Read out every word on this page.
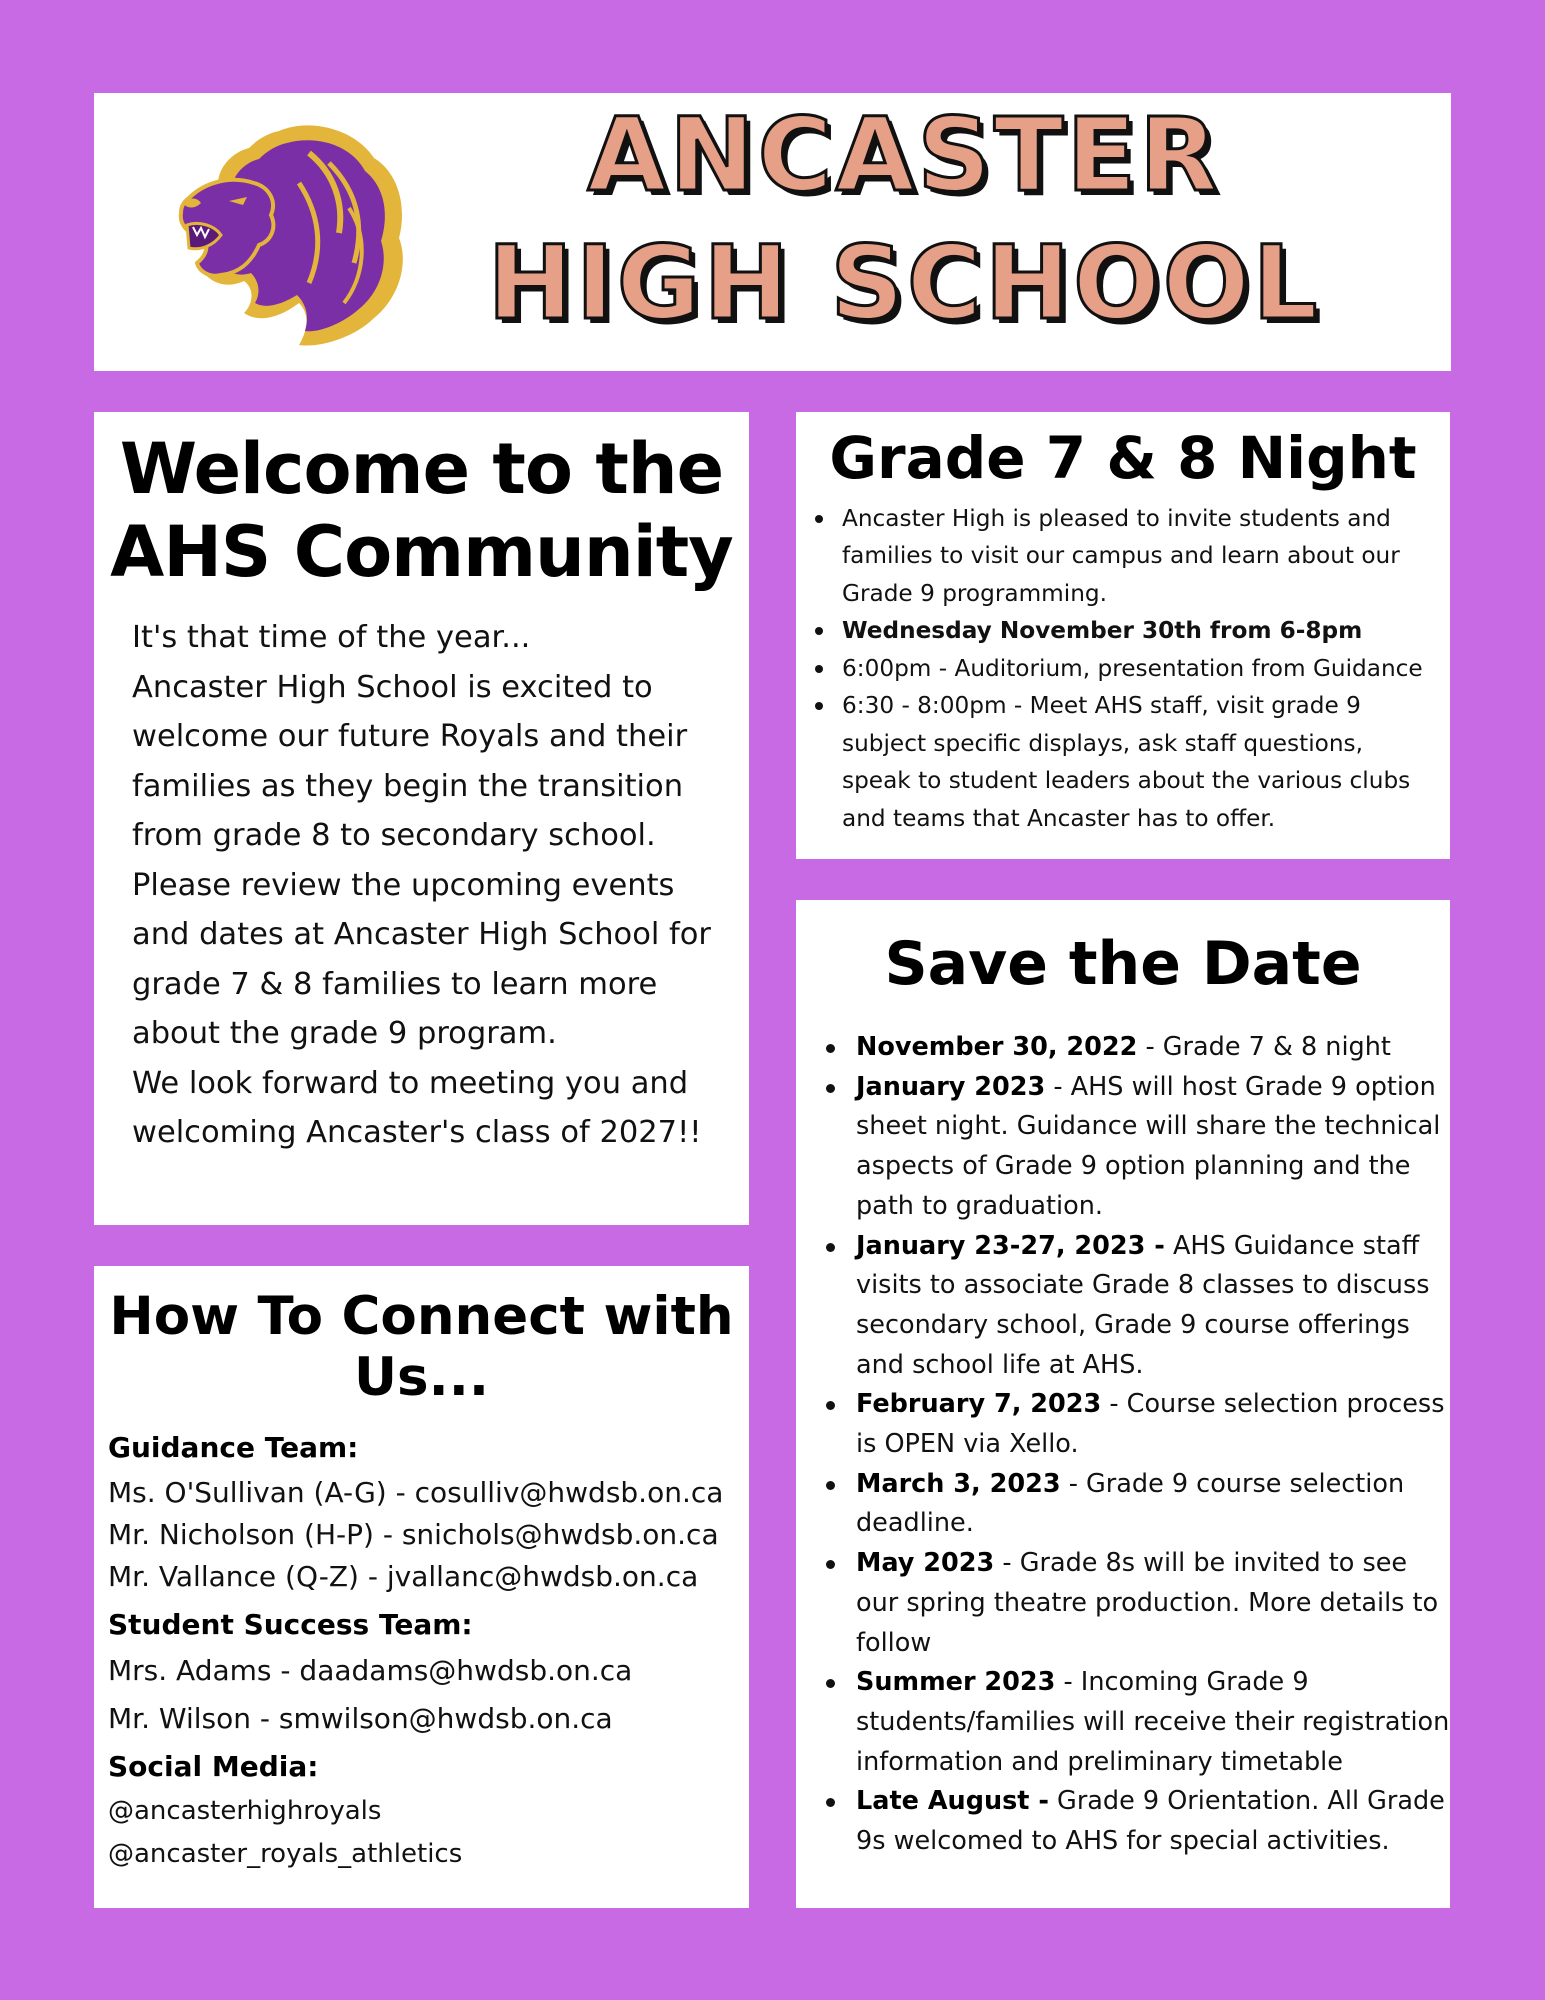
ANCASTER
HIGH SCHOOL
Welcome to the
AHS Community
It's that time of the year...
Ancaster High School is excited to
welcome our future Royals and their
families as they begin the transition
from grade 8 to secondary school.
Please review the upcoming events
and dates at Ancaster High School for
grade 7 & 8 families to learn more
about the grade 9 program.
We look forward to meeting you and
welcoming Ancaster's class of 2027!!
How To Connect with
Us...
Guidance Team:
Ms. O'Sullivan (A-G) - cosulliv@hwdsb.on.ca
Mr. Nicholson (H-P) - snichols@hwdsb.on.ca
Mr. Vallance (Q-Z) - jvallanc@hwdsb.on.ca
Student Success Team:
Mrs. Adams - daadams@hwdsb.on.ca
Mr. Wilson - smwilson@hwdsb.on.ca
Social Media:
@ancasterhighroyals
@ancaster_royals_athletics
Grade 7 & 8 Night
Ancaster High is pleased to invite students and
families to visit our campus and learn about our
Grade 9 programming.
Wednesday November 30th from 6-8pm
6:00pm - Auditorium, presentation from Guidance
6:30 - 8:00pm - Meet AHS staff, visit grade 9
subject specific displays, ask staff questions,
speak to student leaders about the various clubs
and teams that Ancaster has to offer.
Save the Date
November 30, 2022 - Grade 7 & 8 night
January 2023 - AHS will host Grade 9 option
sheet night. Guidance will share the technical
aspects of Grade 9 option planning and the
path to graduation.
January 23-27, 2023 - AHS Guidance staff
visits to associate Grade 8 classes to discuss
secondary school, Grade 9 course offerings
and school life at AHS.
February 7, 2023 - Course selection process
is OPEN via Xello.
March 3, 2023 - Grade 9 course selection
deadline.
May 2023 - Grade 8s will be invited to see
our spring theatre production. More details to
follow
Summer 2023 - Incoming Grade 9
students/families will receive their registration
information and preliminary timetable
Late August - Grade 9 Orientation. All Grade
9s welcomed to AHS for special activities.
